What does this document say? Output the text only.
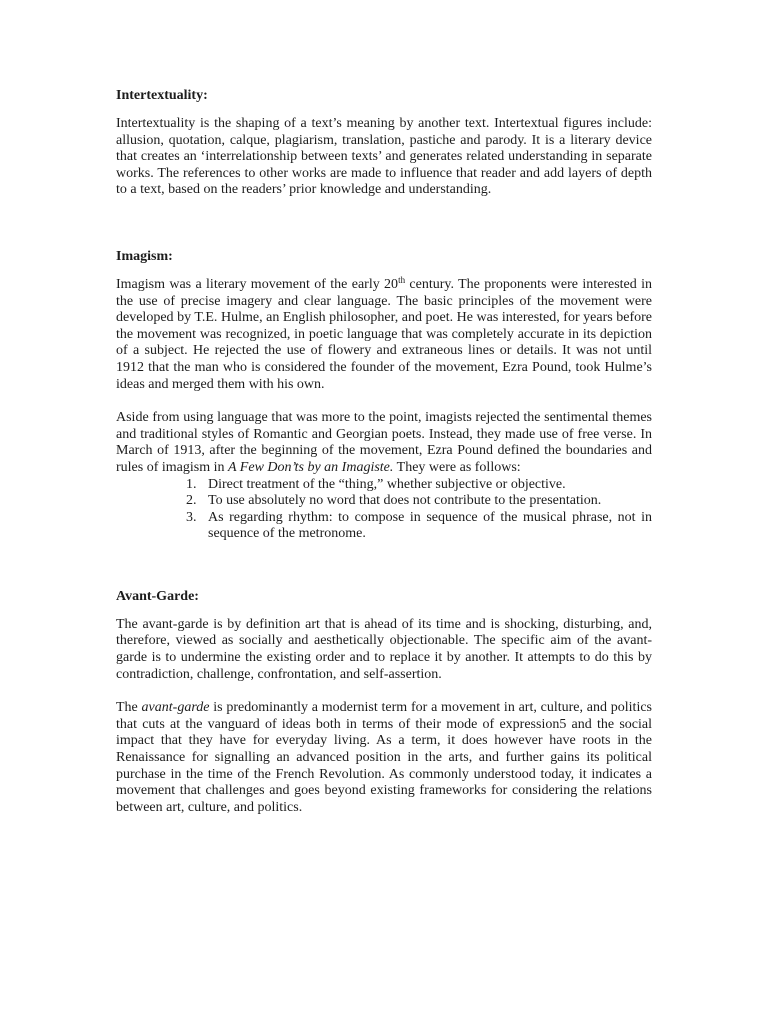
Intertextuality:

Intertextuality is the shaping of a text’s meaning by another text. Intertextual figures include: allusion, quotation, calque, plagiarism, translation, pastiche and parody. It is a literary device that creates an ‘interrelationship between texts’ and generates related understanding in separate works. The references to other works are made to influence that reader and add layers of depth to a text, based on the readers’ prior knowledge and understanding.

Imagism:

Imagism was a literary movement of the early 20th century. The proponents were interested in the use of precise imagery and clear language. The basic principles of the movement were developed by T.E. Hulme, an English philosopher, and poet. He was interested, for years before the movement was recognized, in poetic language that was completely accurate in its depiction of a subject. He rejected the use of flowery and extraneous lines or details. It was not until 1912 that the man who is considered the founder of the movement, Ezra Pound, took Hulme’s ideas and merged them with his own.

Aside from using language that was more to the point, imagists rejected the sentimental themes and traditional styles of Romantic and Georgian poets. Instead, they made use of free verse. In March of 1913, after the beginning of the movement, Ezra Pound defined the boundaries and rules of imagism in A Few Don’ts by an Imagiste. They were as follows:

1. Direct treatment of the “thing,” whether subjective or objective.
2. To use absolutely no word that does not contribute to the presentation.
3. As regarding rhythm: to compose in sequence of the musical phrase, not in sequence of the metronome.
Avant-Garde:

The avant-garde is by definition art that is ahead of its time and is shocking, disturbing, and, therefore, viewed as socially and aesthetically objectionable. The specific aim of the avant-garde is to undermine the existing order and to replace it by another. It attempts to do this by contradiction, challenge, confrontation, and self-assertion.

The avant-garde is predominantly a modernist term for a movement in art, culture, and politics that cuts at the vanguard of ideas both in terms of their mode of expression5 and the social impact that they have for everyday living. As a term, it does however have roots in the Renaissance for signalling an advanced position in the arts, and further gains its political purchase in the time of the French Revolution. As commonly understood today, it indicates a movement that challenges and goes beyond existing frameworks for considering the relations between art, culture, and politics.
